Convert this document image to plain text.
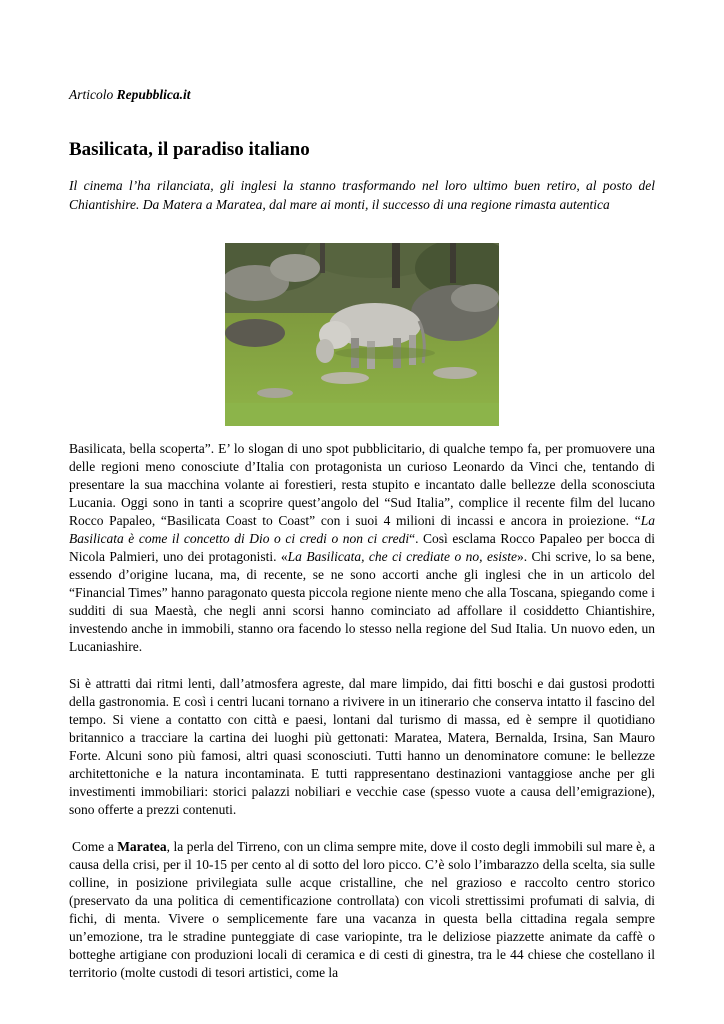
Articolo Repubblica.it
Basilicata, il paradiso italiano

Il cinema l’ha rilanciata, gli inglesi la stanno trasformando nel loro ultimo buen retiro, al posto del Chiantishire. Da Matera a Maratea, dal mare ai monti, il successo di una regione rimasta autentica

Basilicata, bella scoperta”. E’ lo slogan di uno spot pubblicitario, di qualche tempo fa, per promuovere una delle regioni meno conosciute d’Italia con protagonista un curioso Leonardo da Vinci che, tentando di presentare la sua macchina volante ai forestieri, resta stupito e incantato dalle bellezze della sconosciuta Lucania. Oggi sono in tanti a scoprire quest’angolo del “Sud Italia”, complice il recente film del lucano Rocco Papaleo, “Basilicata Coast to Coast” con i suoi 4 milioni di incassi e ancora in proiezione. “La Basilicata è come il concetto di Dio o ci credi o non ci credi“. Così esclama Rocco Papaleo per bocca di Nicola Palmieri, uno dei protagonisti. «La Basilicata, che ci crediate o no, esiste». Chi scrive, lo sa bene, essendo d’origine lucana, ma, di recente, se ne sono accorti anche gli inglesi che in un articolo del “Financial Times” hanno paragonato questa piccola regione niente meno che alla Toscana, spiegando come i sudditi di sua Maestà, che negli anni scorsi hanno cominciato ad affollare il cosiddetto Chiantishire, investendo anche in immobili, stanno ora facendo lo stesso nella regione del Sud Italia. Un nuovo eden, un Lucaniashire.

Si è attratti dai ritmi lenti, dall’atmosfera agreste, dal mare limpido, dai fitti boschi e dai gustosi prodotti della gastronomia. E così i centri lucani tornano a rivivere in un itinerario che conserva intatto il fascino del tempo. Si viene a contatto con città e paesi, lontani dal turismo di massa, ed è sempre il quotidiano britannico a tracciare la cartina dei luoghi più gettonati: Maratea, Matera, Bernalda, Irsina, San Mauro Forte. Alcuni sono più famosi, altri quasi sconosciuti. Tutti hanno un denominatore comune: le bellezze architettoniche e la natura incontaminata. E tutti rappresentano destinazioni vantaggiose anche per gli investimenti immobiliari: storici palazzi nobiliari e vecchie case (spesso vuote a causa dell’emigrazione), sono offerte a prezzi contenuti.

Come a Maratea, la perla del Tirreno, con un clima sempre mite, dove il costo degli immobili sul mare è, a causa della crisi, per il 10-15 per cento al di sotto del loro picco. C’è solo l’imbarazzo della scelta, sia sulle colline, in posizione privilegiata sulle acque cristalline, che nel grazioso e raccolto centro storico (preservato da una politica di cementificazione controllata) con vicoli strettissimi profumati di salvia, di fichi, di menta. Vivere o semplicemente fare una vacanza in questa bella cittadina regala sempre un’emozione, tra le stradine punteggiate di case variopinte, tra le deliziose piazzette animate da caffè o botteghe artigiane con produzioni locali di ceramica e di cesti di ginestra, tra le 44 chiese che costellano il territorio (molte custodi di tesori artistici, come la
